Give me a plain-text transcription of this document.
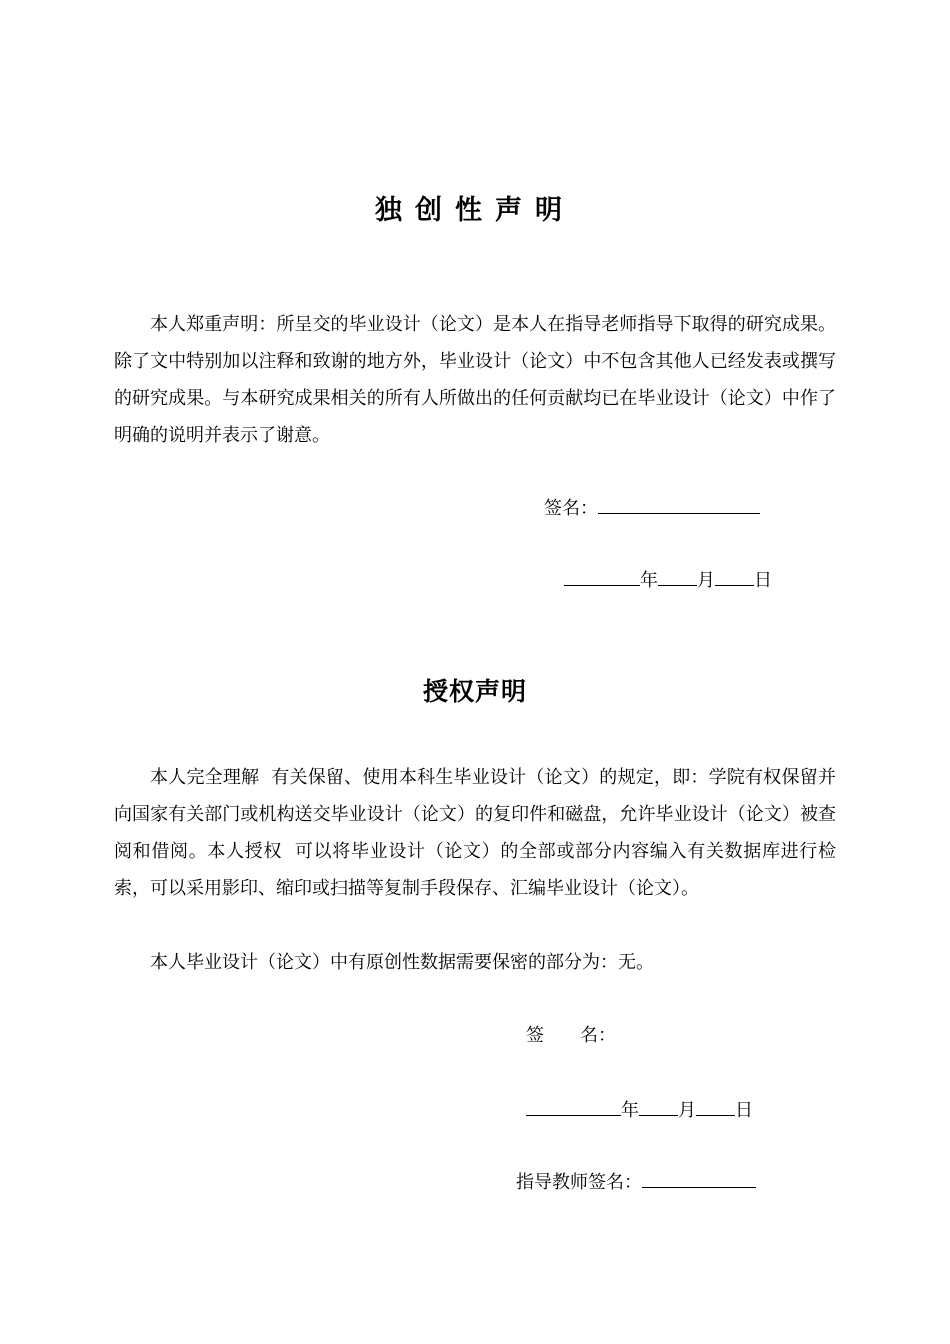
独创性声明

本人郑重声明：所呈交的毕业设计（论文）是本人在指导老师指导下取得的研究成果。除了文中特别加以注释和致谢的地方外，毕业设计（论文）中不包含其他人已经发表或撰写的研究成果。与本研究成果相关的所有人所做出的任何贡献均已在毕业设计（论文）中作了明确的说明并表示了谢意。

签名：
年 月 日
授权声明

本人完全理解  有关保留、使用本科生毕业设计（论文）的规定，即：学院有权保留并向国家有关部门或机构送交毕业设计（论文）的复印件和磁盘，允许毕业设计（论文）被查阅和借阅。本人授权  可以将毕业设计（论文）的全部或部分内容编入有关数据库进行检索，可以采用影印、缩印或扫描等复制手段保存、汇编毕业设计（论文）。

本人毕业设计（论文）中有原创性数据需要保密的部分为：无。

签　　名：
年 月 日
指导教师签名：
